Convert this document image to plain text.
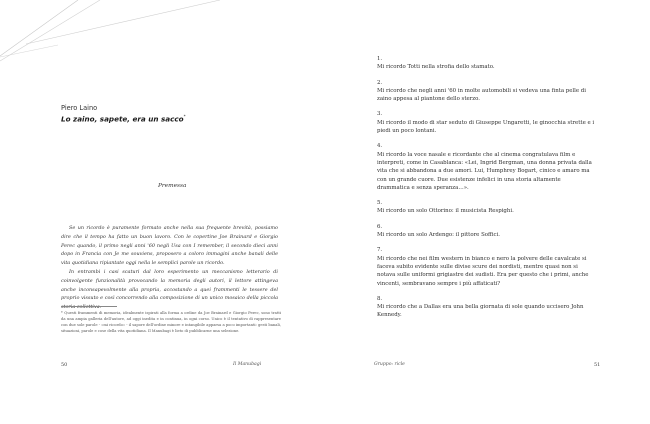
Piero Laino
Lo zaino, sapete, era un sacco*
Premessa

Se un ricordo è puramente formato anche nella sua frequente brevità, possiamo dire che il tempo ha fatto un buon lavoro. Con le copertine Joe Brainard e Giorgio Perec quando, il primo negli anni '60 negli Usa con I remember, il secondo dieci anni dopo in Francia con Je me souviens, proposero a coloro immagini anche banali delle vita quotidiana ripiantate oggi nella le semplici parole un ricordo.

In entrambi i casi scaturi dal loro esperimento un meccanismo letterario di coinvolgente funzionalità provocando la memoria degli autori, il lettore attingeva anche inconsapevolmente alla propria, accostando a quei frammenti le tessere del proprio vissuto e così concorrendo alla composizione di un unico mosaico della piccola storia collettiva.

* Questi frammenti di memoria, idealmente ispirati alla forma a ordine da Joe Brainard e Giorgio Perec, sono tratti da una ampia galleria dell'autore, ad oggi inedita e in continua, in ogni corso. Unico è il tentativo di rappresentare con due sole parole - «mi ricordo» - il sapore dell'ordine minore e intangibile apparsa a poco importanti: gesti banali, situazioni, parole e cose della vita quotidiana. Il Manubagi è lieto di pubblicarne una selezione.
50	Il Manubagi
1.
Mi ricordo Totti nella strofia dello stamato.
2.
Mi ricordo che negli anni '60 in molte automobili si vedeva una finta pelle di zaino appesa al piantone dello sterzo.
3.
Mi ricordo il modo di star seduto di Giuseppe Ungaretti, le ginocchia strette e i piedi un poco lontani.
4.
Mi ricordo la voce nasale e ricordante che al cinema congratulava film e interpreti, come in Casablanca: «Lei, Ingrid Bergman, una donna privata dalla vita che si abbandona a due amori. Lui, Humphrey Bogart, cinico e amaro ma con un grande cuore. Due esistenze infelici in una storia altamente drammatica e senza speranza…».
5.
Mi ricordo un solo Ottorino: il musicista Respighi.
6.
Mi ricordo un solo Ardengo: il pittore Soffici.
7.
Mi ricordo che nei film western in bianco e nero la polvere delle cavalcate si faceva subito evidente sulle divise scure dei nordisti, mentre quasi non si notava sulle uniformi grigiastre dei sudisti. Era per questo che i primi, anche vincenti, sembravano sempre i più affaticati?
8.
Mi ricordo che a Dallas era una bella giornata di sole quando uccisero John Kennedy.
Gruppo: ricle	51
